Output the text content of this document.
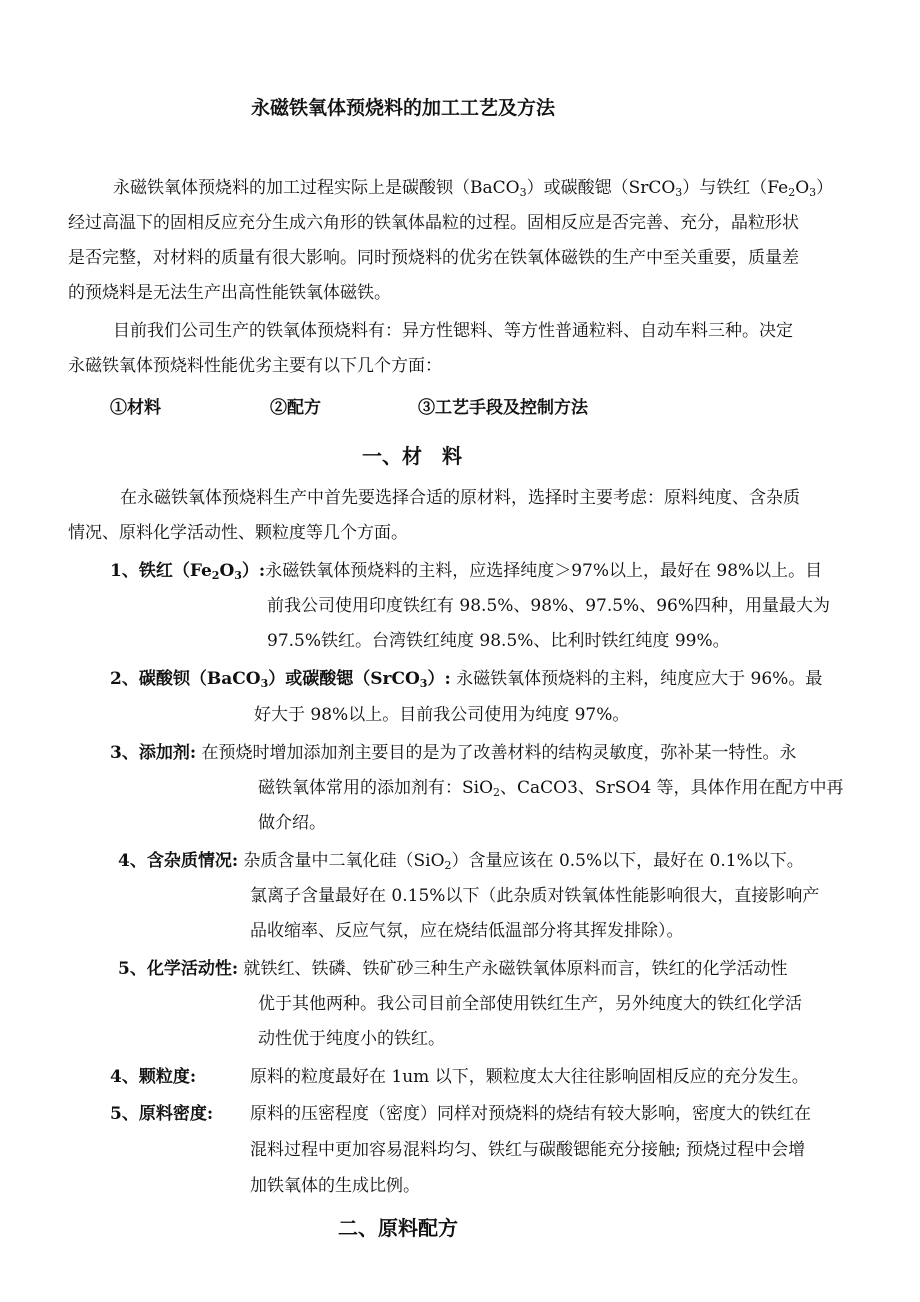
永磁铁氧体预烧料的加工工艺及方法
永磁铁氧体预烧料的加工过程实际上是碳酸钡（BaCO$_3$）或碳酸锶（SrCO$_3$）与铁红$(Fe_2O_3)$
经过高温下的固相反应充分生成六角形的铁氧体晶粒的过程。固相反应是否完善、充分，晶粒形状
是否完整，对材料的质量有很大影响。同时预烧料的优劣在铁氧体磁铁的生产中至关重要，质量差
的预烧料是无法生产出高性能铁氧体磁铁。
目前我们公司生产的铁氧体预烧料有：异方性锶料、等方性普通粒料、自动车料三种。决定
永磁铁氧体预烧料性能优劣主要有以下几个方面：
①材料	②配方	③工艺手段及控制方法
一、材　料
在永磁铁氧体预烧料生产中首先要选择合适的原材料，选择时主要考虑：原料纯度、含杂质
情况、原料化学活动性、颗粒度等几个方面。
1、铁红$(Fe_2O_3)$:永磁铁氧体预烧料的主料，应选择纯度＞97%以上，最好在 98%以上。目
前我公司使用印度铁红有 98.5%、98%、97.5%、96%四种，用量最大为
97.5%铁红。台湾铁红纯度 98.5%、比利时铁红纯度 99%。
2、碳酸钡（BaCO$_3$）或碳酸锶（SrCO$_3$）: 永磁铁氧体预烧料的主料，纯度应大于 96%。最
好大于 98%以上。目前我公司使用为纯度 97%。
3、添加剂: 在预烧时增加添加剂主要目的是为了改善材料的结构灵敏度，弥补某一特性。永
磁铁氧体常用的添加剂有：SiO$_2$、CaCO3、SrSO4 等，具体作用在配方中再
做介绍。
4、含杂质情况: 杂质含量中二氧化硅（SiO$_2$）含量应该在 0.5%以下，最好在 0.1%以下。
氯离子含量最好在 0.15%以下（此杂质对铁氧体性能影响很大，直接影响产
品收缩率、反应气氛，应在烧结低温部分将其挥发排除）。
5、化学活动性: 就铁红、铁磷、铁矿砂三种生产永磁铁氧体原料而言，铁红的化学活动性
优于其他两种。我公司目前全部使用铁红生产，另外纯度大的铁红化学活
动性优于纯度小的铁红。
4、颗粒度:	原料的粒度最好在 1um 以下，颗粒度太大往往影响固相反应的充分发生。
5、原料密度: 原料的压密程度（密度）同样对预烧料的烧结有较大影响，密度大的铁红在
混料过程中更加容易混料均匀、铁红与碳酸锶能充分接触; 预烧过程中会增
加铁氧体的生成比例。
二、原料配方
